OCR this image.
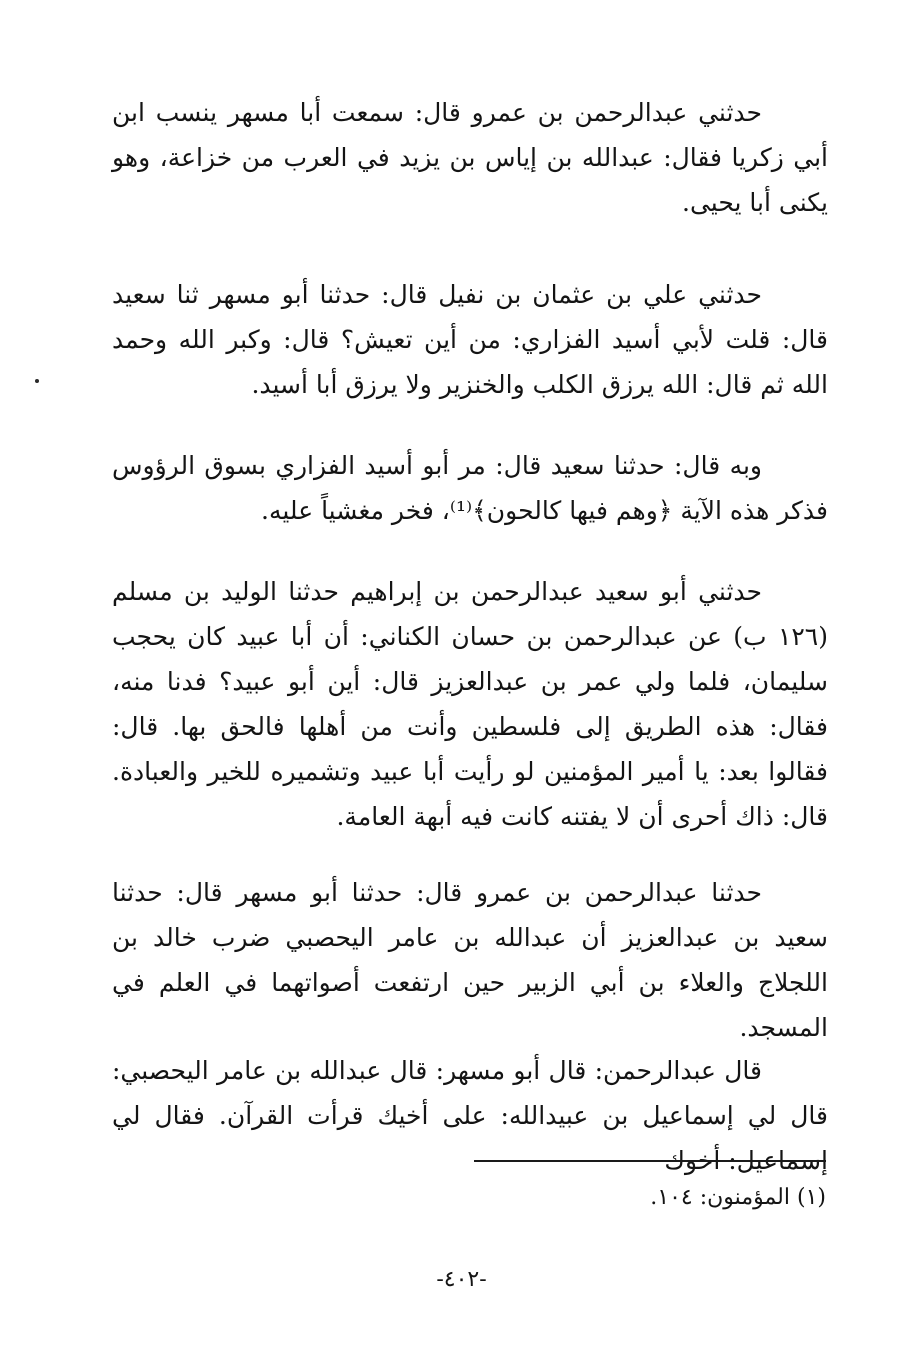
حدثني عبدالرحمن بن عمرو قال: سمعت أبا مسهر ينسب ابن أبي زكريا فقال: عبدالله بن إياس بن يزيد في العرب من خزاعة، وهو يكنى أبا يحيى.

حدثني علي بن عثمان بن نفيل قال: حدثنا أبو مسهر ثنا سعيد قال: قلت لأبي أسيد الفزاري: من أين تعيش؟ قال: وكبر الله وحمد الله ثم قال: الله يرزق الكلب والخنزير ولا يرزق أبا أسيد.

وبه قال: حدثنا سعيد قال: مر أبو أسيد الفزاري بسوق الرؤوس فذكر هذه الآية ﴿وهم فيها كالحون﴾⁽¹⁾، فخر مغشياً عليه.

حدثني أبو سعيد عبدالرحمن بن إبراهيم حدثنا الوليد بن مسلم (١٢٦ ب) عن عبدالرحمن بن حسان الكناني: أن أبا عبيد كان يحجب سليمان، فلما ولي عمر بن عبدالعزيز قال: أين أبو عبيد؟ فدنا منه، فقال: هذه الطريق إلى فلسطين وأنت من أهلها فالحق بها. قال: فقالوا بعد: يا أمير المؤمنين لو رأيت أبا عبيد وتشميره للخير والعبادة. قال: ذاك أحرى أن لا يفتنه كانت فيه أبهة العامة.

حدثنا عبدالرحمن بن عمرو قال: حدثنا أبو مسهر قال: حدثنا سعيد بن عبدالعزيز أن عبدالله بن عامر اليحصبي ضرب خالد بن اللجلاج والعلاء بن أبي الزبير حين ارتفعت أصواتهما في العلم في المسجد.

قال عبدالرحمن: قال أبو مسهر: قال عبدالله بن عامر اليحصبي: قال لي إسماعيل بن عبيدالله: على أخيك قرأت القرآن. فقال لي إسماعيل: أخوك

(١) المؤمنون: ١٠٤.

-٤٠٢-
